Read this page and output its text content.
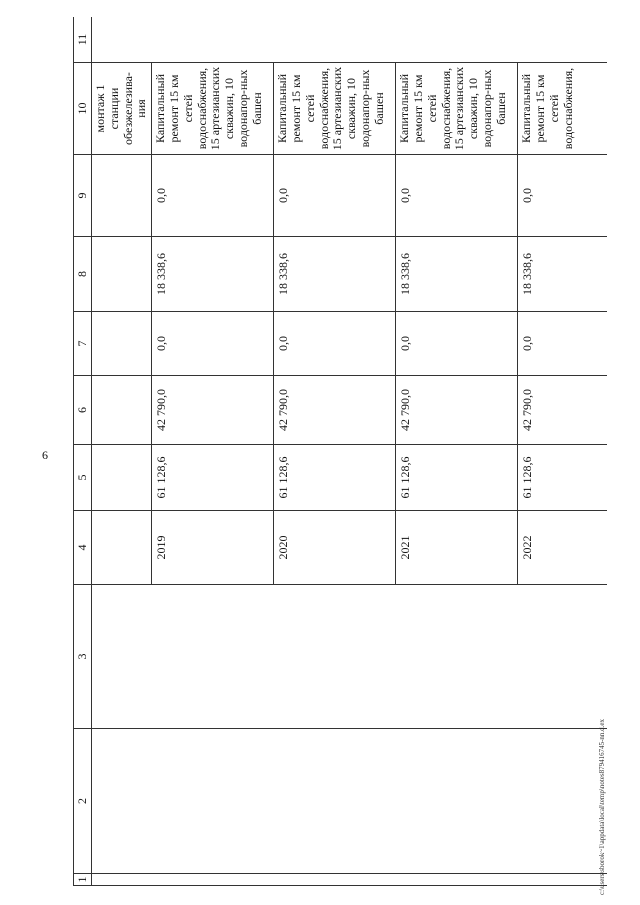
6
1	2	3	4	5	6	7	8	9	10	11
									монтаж 1 станции обезжелезива-ния	
			2019	61 128,6	42 790,0	0,0	18 338,6	0,0	Капитальный ремонт 15 км сетей водоснабжения, 15 артезианских скважин, 10 водонапор-ных башен	
			2020	61 128,6	42 790,0	0,0	18 338,6	0,0	Капитальный ремонт 15 км сетей водоснабжения, 15 артезианских скважин, 10 водонапор-ных башен	
			2021	61 128,6	42 790,0	0,0	18 338,6	0,0	Капитальный ремонт 15 км сетей водоснабжения, 15 артезианских скважин, 10 водонапор-ных башен	
			2022	61 128,6	42 790,0	0,0	18 338,6	0,0	Капитальный ремонт 15 км сетей водоснабжения,	
c:\users\sborok~1\appdata\local\temp\notes879416745-nn.d.ex
